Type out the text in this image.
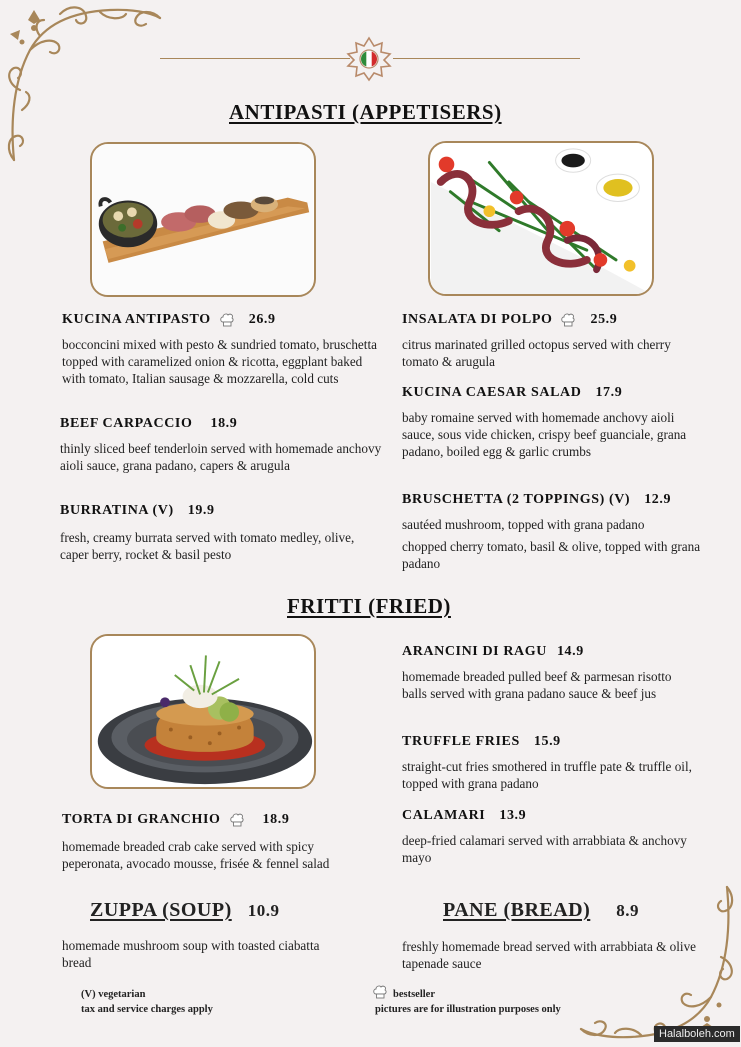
ANTIPASTI (APPETISERS)
KUCINA ANTIPASTO	26.9
bocconcini mixed with pesto & sundried tomato, bruschetta topped with caramelized onion & ricotta, eggplant baked with tomato, Italian sausage & mozzarella, cold cuts
BEEF CARPACCIO 18.9
thinly sliced beef tenderloin served with homemade anchovy aioli sauce, grana padano, capers & arugula
BURRATINA (V) 19.9
fresh, creamy burrata served with tomato medley, olive, caper berry, rocket & basil pesto
INSALATA DI POLPO	25.9
citrus marinated grilled octopus served with cherry tomato & arugula
KUCINA CAESAR SALAD 17.9
baby romaine served with homemade anchovy aioli sauce, sous vide chicken, crispy beef guanciale, grana padano, boiled egg & garlic crumbs
BRUSCHETTA (2 TOPPINGS) (V) 12.9
sautéed mushroom, topped with grana padano
chopped cherry tomato, basil & olive, topped with grana padano
FRITTI (FRIED)
TORTA DI GRANCHIO	18.9
homemade breaded crab cake served with spicy peperonata, avocado mousse, frisée & fennel salad
ARANCINI DI RAGU 14.9
homemade breaded pulled beef & parmesan risotto balls served with grana padano sauce & beef jus
TRUFFLE FRIES 15.9
straight-cut fries smothered in truffle pate & truffle oil, topped with grana padano
CALAMARI 13.9
deep-fried calamari served with arrabbiata & anchovy mayo
ZUPPA (SOUP) 10.9
homemade mushroom soup with toasted ciabatta bread
PANE (BREAD) 8.9
freshly homemade bread served with arrabbiata & olive tapenade sauce
(V) vegetarian
tax and service charges apply
bestseller
pictures are for illustration purposes only
Halalboleh.com
